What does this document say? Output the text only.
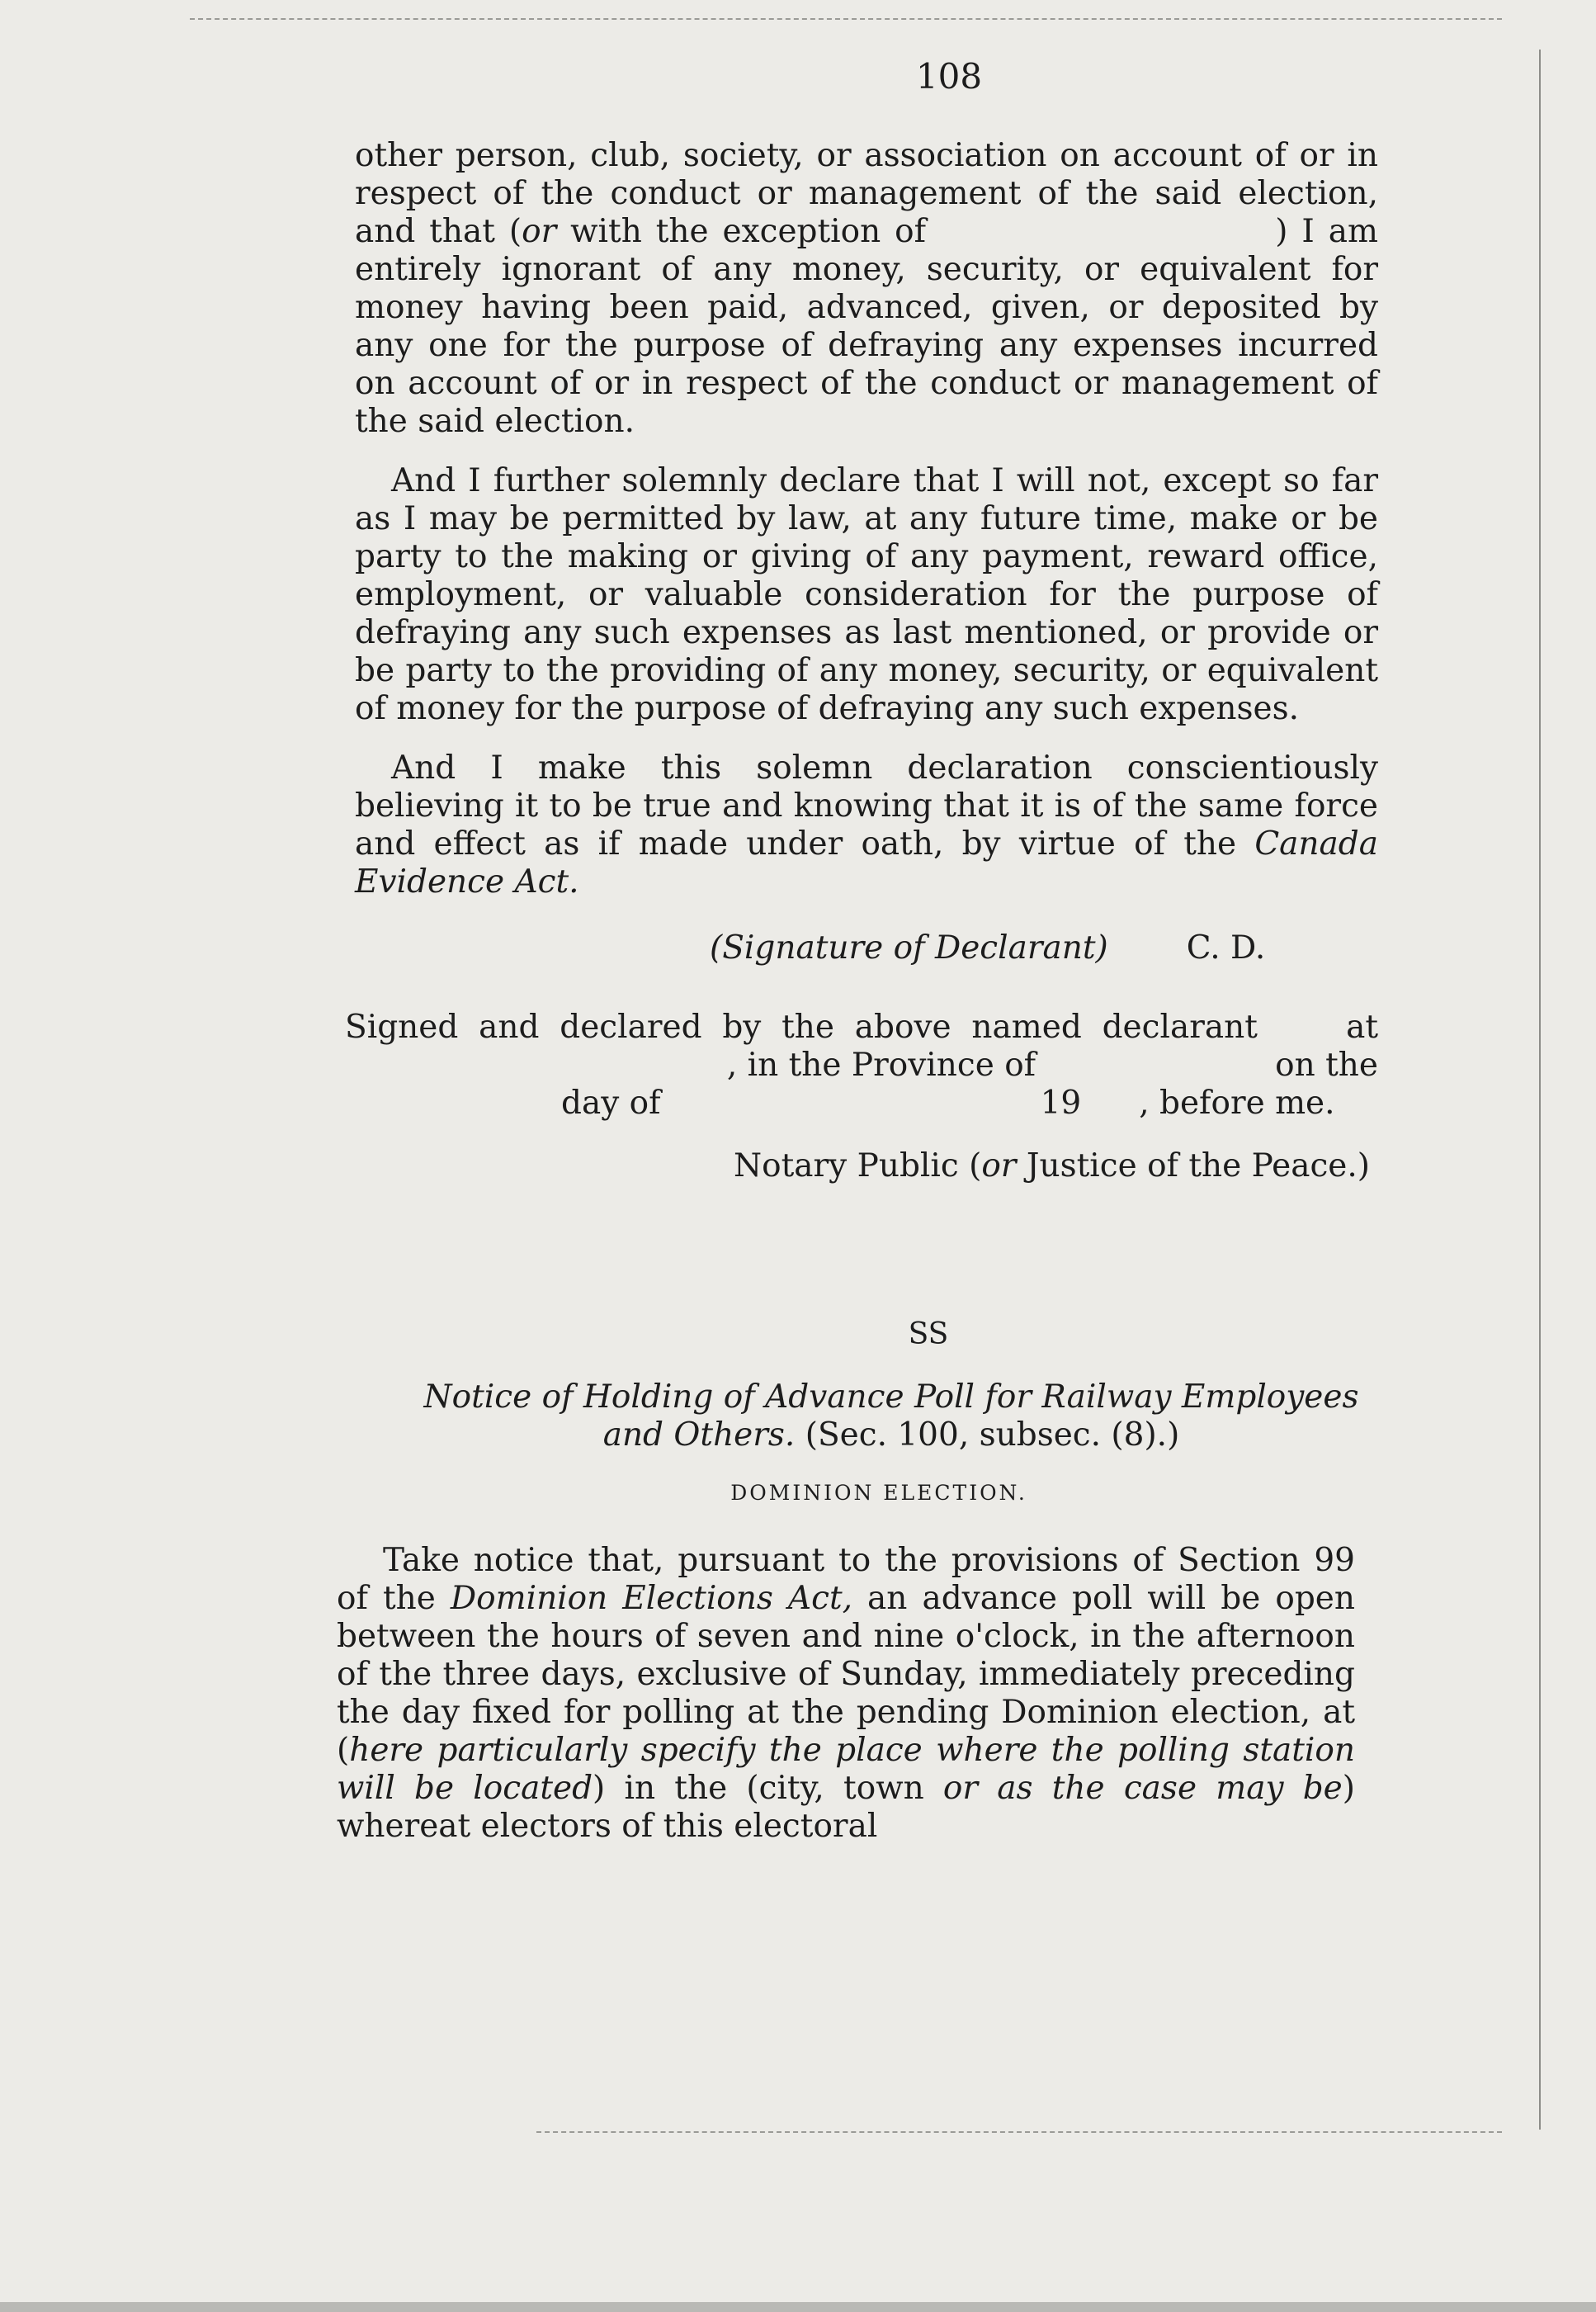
108

other person, club, society, or association on account of or in respect of the conduct or management of the said election, and that (or with the exception of                         ) I am entirely ignorant of any money, security, or equivalent for money having been paid, advanced, given, or deposited by any one for the purpose of defraying any expenses incurred on account of or in respect of the conduct or management of the said election.

And I further solemnly declare that I will not, except so far as I may be permitted by law, at any future time, make or be party to the making or giving of any payment, reward office, employment, or valuable consideration for the purpose of defraying any such expenses as last mentioned, or provide or be party to the providing of any money, security, or equivalent of money for the purpose of defraying any such expenses.

And I make this solemn declaration conscientiously believing it to be true and knowing that it is of the same force and effect as if made under oath, by virtue of the Canada Evidence Act.

(Signature of Declarant) C. D.
Signed  and  declared  by  the  above  named  declarant	at
, in the Province of	on the
day of	19 , before me.
Notary Public (or Justice of the Peace.)
SS
Notice of Holding of Advance Poll for Railway Employees and Others. (Sec. 100, subsec. (8).)
DOMINION ELECTION.

Take notice that, pursuant to the provisions of Section 99 of the Dominion Elections Act, an advance poll will be open between the hours of seven and nine o'clock, in the afternoon of the three days, exclusive of Sunday, immediately preceding the day fixed for polling at the pending Dominion election, at (here particularly specify the place where the polling station will be located) in the (city, town or as the case may be) whereat electors of this electoral
